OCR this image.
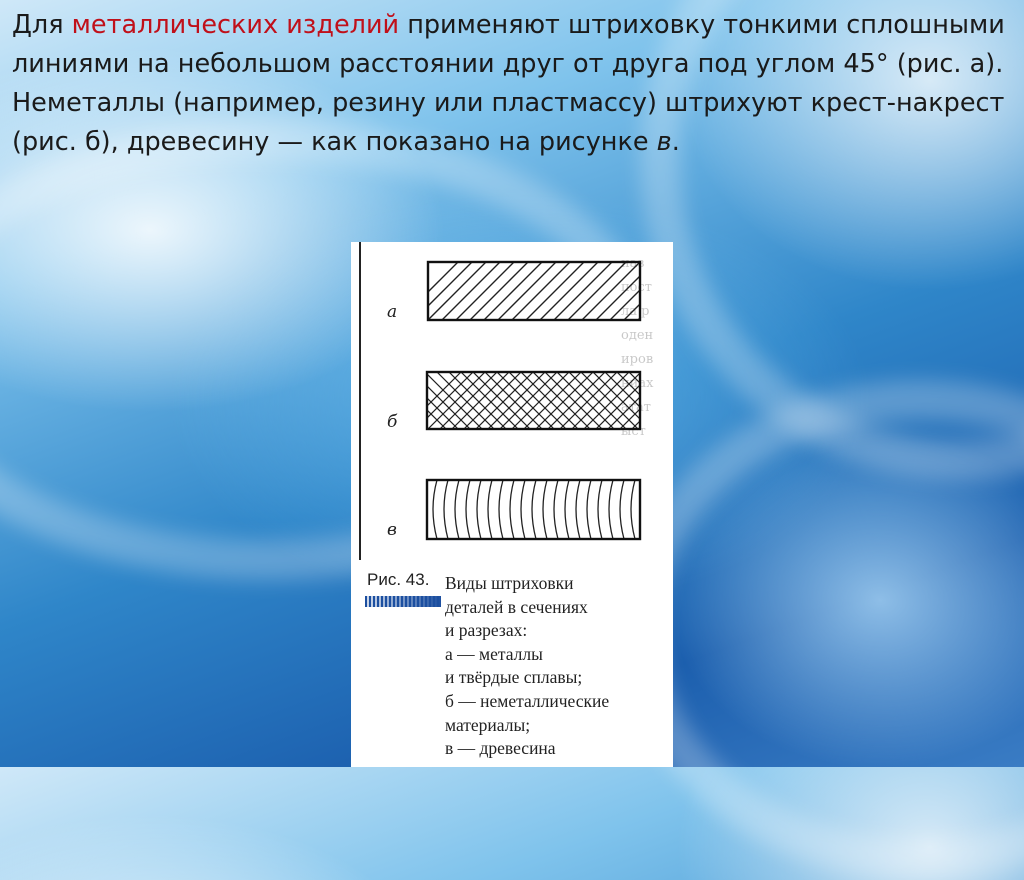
Для металлических изделий применяют штриховку тонкими сплошными линиями на небольшом расстоянии друг от друга под углом 45° (рис. а). Неметаллы (например, резину или пластмассу) штрихуют крест-накрест (рис. б), древесину — как показано на рисунке в.
наз
пост
ла р
оден
иров
ниах
атат
ыст
а
б
в
Рис. 43. Виды штриховки
деталей в сечениях
и разрезах:
а — металлы
и твёрдые сплавы;
б — неметаллические
материалы;
в — древесина
